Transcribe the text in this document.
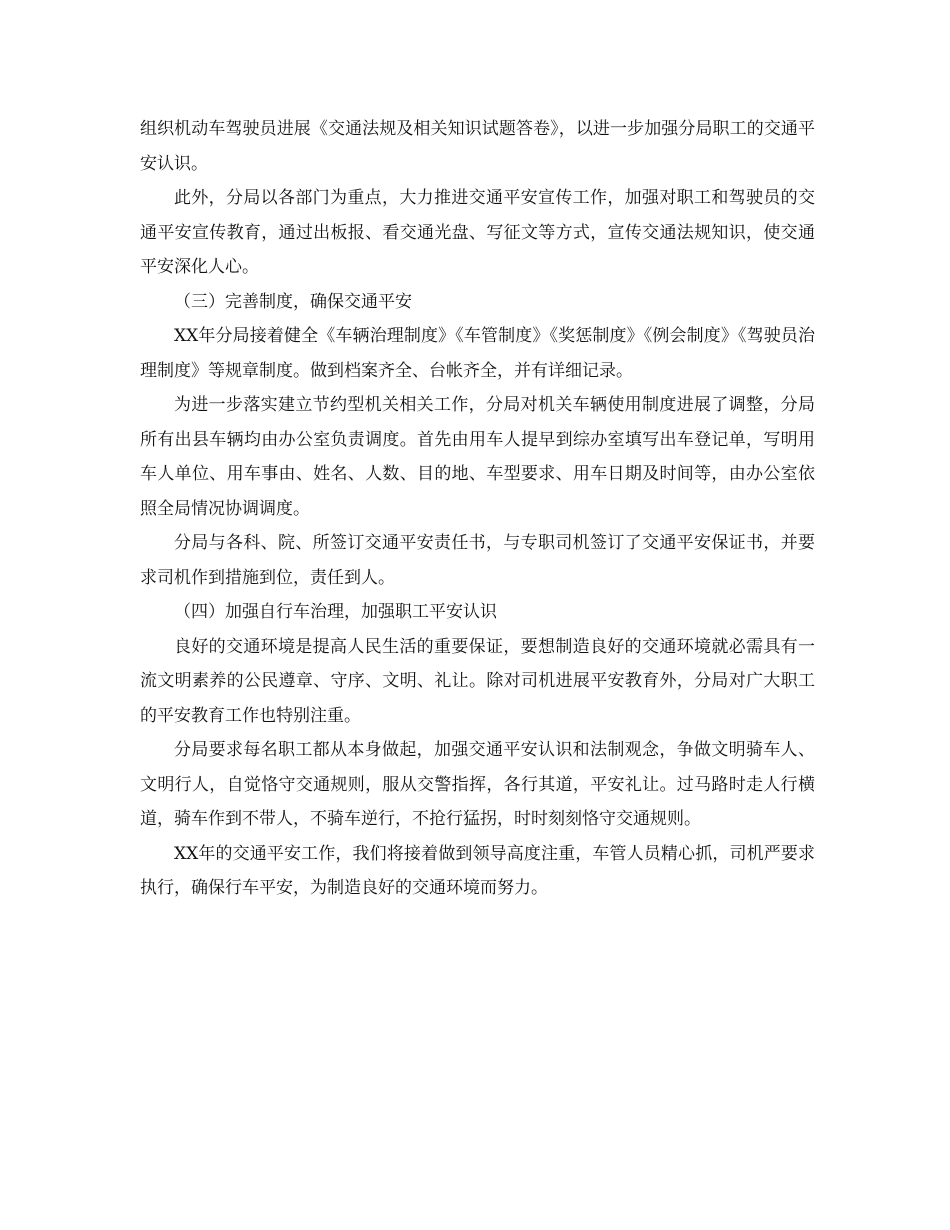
组织机动车驾驶员进展《交通法规及相关知识试题答卷》，以进一步加强分局职工的交通平安认识。

此外，分局以各部门为重点，大力推进交通平安宣传工作，加强对职工和驾驶员的交通平安宣传教育，通过出板报、看交通光盘、写征文等方式，宣传交通法规知识，使交通平安深化人心。

（三）完善制度，确保交通平安

XX年分局接着健全《车辆治理制度》《车管制度》《奖惩制度》《例会制度》《驾驶员治理制度》等规章制度。做到档案齐全、台帐齐全，并有详细记录。

为进一步落实建立节约型机关相关工作，分局对机关车辆使用制度进展了调整，分局所有出县车辆均由办公室负责调度。首先由用车人提早到综办室填写出车登记单，写明用车人单位、用车事由、姓名、人数、目的地、车型要求、用车日期及时间等，由办公室依照全局情况协调调度。

分局与各科、院、所签订交通平安责任书，与专职司机签订了交通平安保证书，并要求司机作到措施到位，责任到人。

（四）加强自行车治理，加强职工平安认识

良好的交通环境是提高人民生活的重要保证，要想制造良好的交通环境就必需具有一流文明素养的公民遵章、守序、文明、礼让。除对司机进展平安教育外，分局对广大职工的平安教育工作也特别注重。

分局要求每名职工都从本身做起，加强交通平安认识和法制观念，争做文明骑车人、文明行人，自觉恪守交通规则，服从交警指挥，各行其道，平安礼让。过马路时走人行横道，骑车作到不带人，不骑车逆行，不抢行猛拐，时时刻刻恪守交通规则。

XX年的交通平安工作，我们将接着做到领导高度注重，车管人员精心抓，司机严要求执行，确保行车平安，为制造良好的交通环境而努力。
